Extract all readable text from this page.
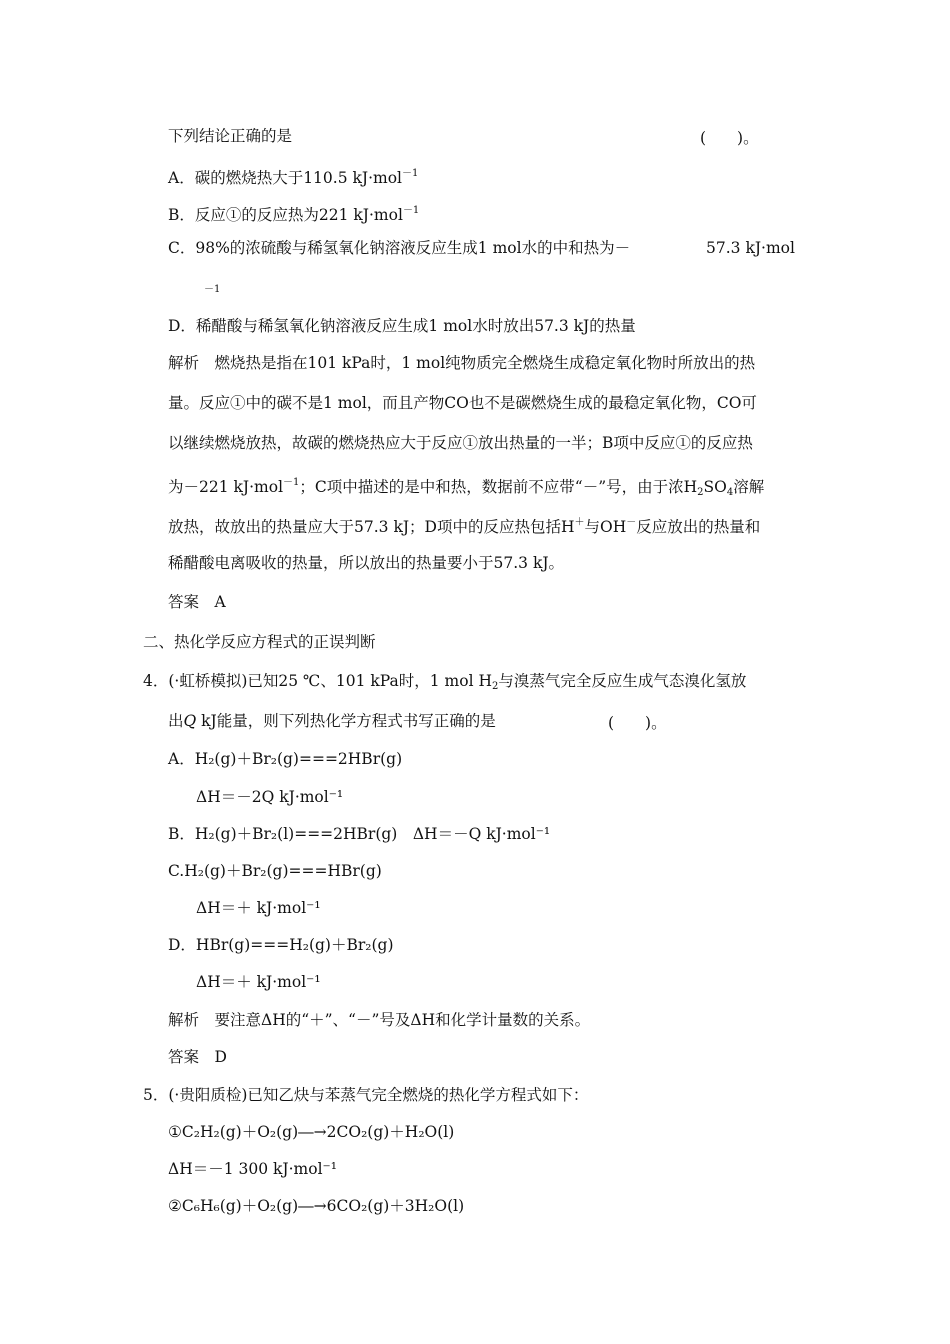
下列结论正确的是	(　　)。
A．碳的燃烧热大于110.5 kJ·mol$^{-1}$
B．反应①的反应热为221 kJ·mol$^{-1}$
C．98%的浓硫酸与稀氢氧化钠溶液反应生成1 mol水的中和热为－	57.3 kJ·mol
－1
D．稀醋酸与稀氢氧化钠溶液反应生成1 mol水时放出57.3 kJ的热量
解析　燃烧热是指在101 kPa时，1 mol纯物质完全燃烧生成稳定氧化物时所放出的热
量。反应①中的碳不是1 mol，而且产物CO也不是碳燃烧生成的最稳定氧化物，CO可
以继续燃烧放热，故碳的燃烧热应大于反应①放出热量的一半；B项中反应①的反应热
为－221 kJ·mol$^{-1}$；C项中描述的是中和热，数据前不应带“－”号，由于浓$H_2SO_4$溶解
放热，故放出的热量应大于57.3 kJ；D项中的反应热包括H＋与OH－反应放出的热量和
稀醋酸电离吸收的热量，所以放出的热量要小于57.3 kJ。
答案　A
二、热化学反应方程式的正误判断
4．(·虹桥模拟)已知25 ℃、101 kPa时，1 mol $H_2$与溴蒸气完全反应生成气态溴化氢放
出Q kJ能量，则下列热化学方程式书写正确的是	(　　)。
A．H₂(g)＋Br₂(g)===2HBr(g)
ΔH＝－2Q kJ·mol⁻¹
B．H₂(g)＋Br₂(l)===2HBr(g)　ΔH＝－Q kJ·mol⁻¹
C.H₂(g)＋Br₂(g)===HBr(g)
ΔH＝＋ kJ·mol⁻¹
D．HBr(g)===H₂(g)＋Br₂(g)
ΔH＝＋ kJ·mol⁻¹
解析　要注意ΔH的“＋”、“－”号及ΔH和化学计量数的关系。
答案　D
5．(·贵阳质检)已知乙炔与苯蒸气完全燃烧的热化学方程式如下：
①C₂H₂(g)＋O₂(g)―→2CO₂(g)＋H₂O(l)
ΔH＝－1 300 kJ·mol⁻¹
②C₆H₆(g)＋O₂(g)―→6CO₂(g)＋3H₂O(l)
